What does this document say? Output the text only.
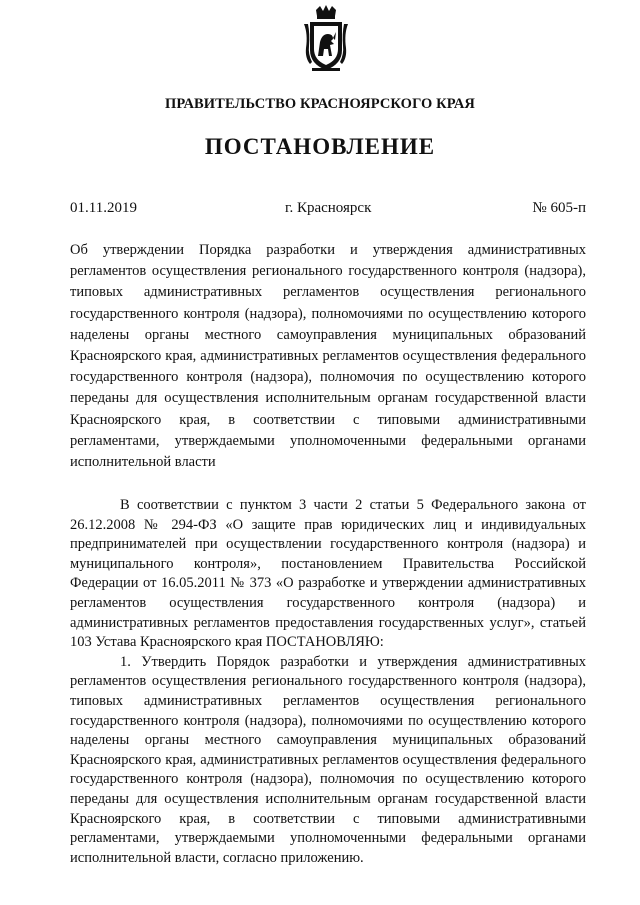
ПРАВИТЕЛЬСТВО КРАСНОЯРСКОГО КРАЯ
ПОСТАНОВЛЕНИЕ
01.11.2019	г. Красноярск	№ 605-п
Об утверждении Порядка разработки и утверждения административных регламентов осуществления регионального государственного контроля (надзора), типовых административных регламентов осуществления регионального государственного контроля (надзора), полномочиями по осуществлению которого наделены органы местного самоуправления муниципальных образований Красноярского края, административных регламентов осуществления федерального государственного контроля (надзора), полномочия по осуществлению которого переданы для осуществления исполнительным органам государственной власти Красноярского края, в соответствии с типовыми административными регламентами, утверждаемыми уполномоченными федеральными органами исполнительной власти

В соответствии с пунктом 3 части 2 статьи 5 Федерального закона от 26.12.2008 № 294-ФЗ «О защите прав юридических лиц и индивидуальных предпринимателей при осуществлении государственного контроля (надзора) и муниципального контроля», постановлением Правительства Российской Федерации от 16.05.2011 № 373 «О разработке и утверждении административных регламентов осуществления государственного контроля (надзора) и административных регламентов предоставления государственных услуг», статьей 103 Устава Красноярского края ПОСТАНОВЛЯЮ:

1. Утвердить Порядок разработки и утверждения административных регламентов осуществления регионального государственного контроля (надзора), типовых административных регламентов осуществления регионального государственного контроля (надзора), полномочиями по осуществлению которого наделены органы местного самоуправления муниципальных образований Красноярского края, административных регламентов осуществления федерального государственного контроля (надзора), полномочия по осуществлению которого переданы для осуществления исполнительным органам государственной власти Красноярского края, в соответствии с типовыми административными регламентами, утверждаемыми уполномоченными федеральными органами исполнительной власти, согласно приложению.
